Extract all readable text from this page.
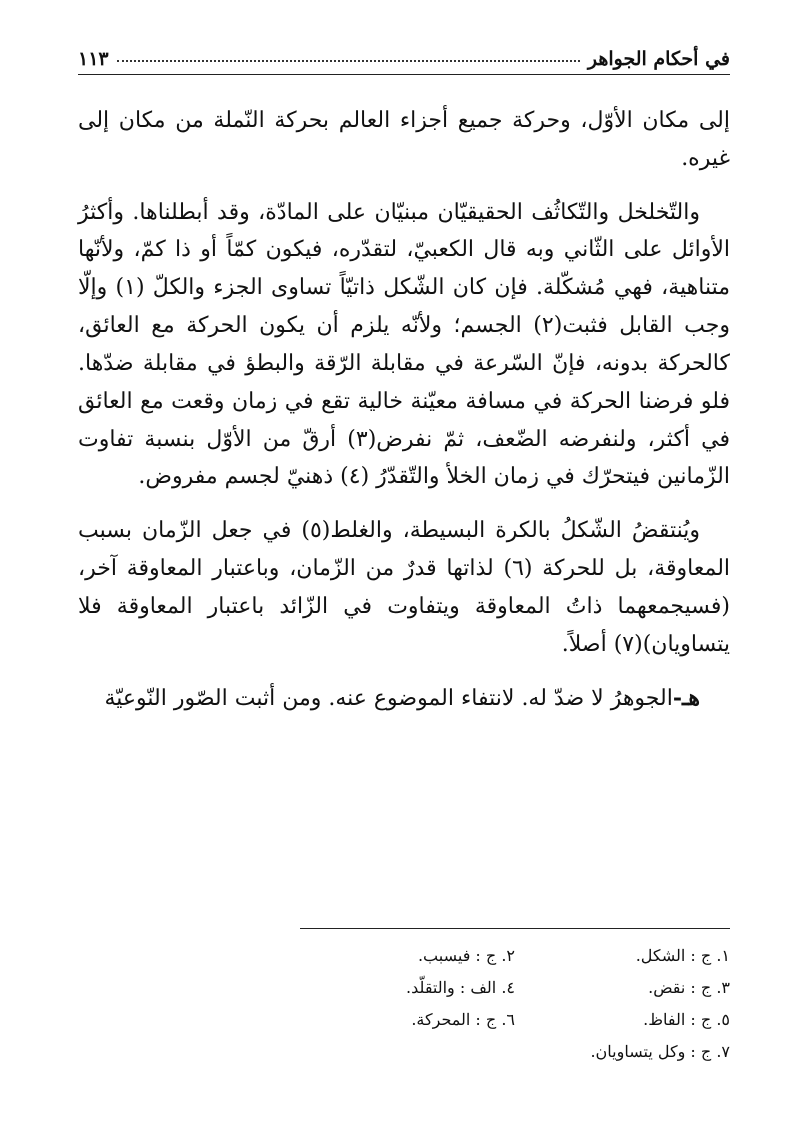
في أحكام الجواهر
١١٣

إلى مكان الأوّل، وحركة جميع أجزاء العالم بحركة النّملة من مكان إلى غيره.

والتّخلخل والتّكاثُف الحقيقيّان مبنيّان على المادّة، وقد أبطلناها. وأكثرُ الأوائل على الثّاني وبه قال الكعبيّ، لتقدّره، فيكون كمّاً أو ذا كمّ، ولأنّها متناهية، فهي مُشكّلة. فإن كان الشّكل ذاتيّاً تساوى الجزء والكلّ (١) وإلّا وجب القابل فثبت(٢) الجسم؛ ولأنّه يلزم أن يكون الحركة مع العائق، كالحركة بدونه، فإنّ السّرعة في مقابلة الرّقة والبطؤ في مقابلة ضدّها. فلو فرضنا الحركة في مسافة معيّنة خالية تقع في زمان وقعت مع العائق في أكثر، ولنفرضه الضّعف، ثمّ نفرض(٣) أرقّ من الأوّل بنسبة تفاوت الزّمانين فيتحرّك في زمان الخلأ والتّقدّرُ (٤) ذهنيّ لجسم مفروض.

ويُنتقضُ الشّكلُ بالكرة البسيطة، والغلط(٥) في جعل الزّمان بسبب المعاوقة، بل للحركة (٦) لذاتها قدرٌ من الزّمان، وباعتبار المعاوقة آخر، (فسيجمعهما ذاتُ المعاوقة ويتفاوت في الزّائد باعتبار المعاوقة فلا يتساويان)(٧) أصلاً.

هـ-الجوهرُ لا ضدّ له. لانتفاء الموضوع عنه. ومن أثبت الصّور النّوعيّة

١. ج : الشكل.
٢. ج : فيسبب.
٣. ج : نقض.
٤. الف : والتقلّد.
٥. ج : الفاظ.
٦. ج : المحركة.
٧. ج : وكل يتساويان.
